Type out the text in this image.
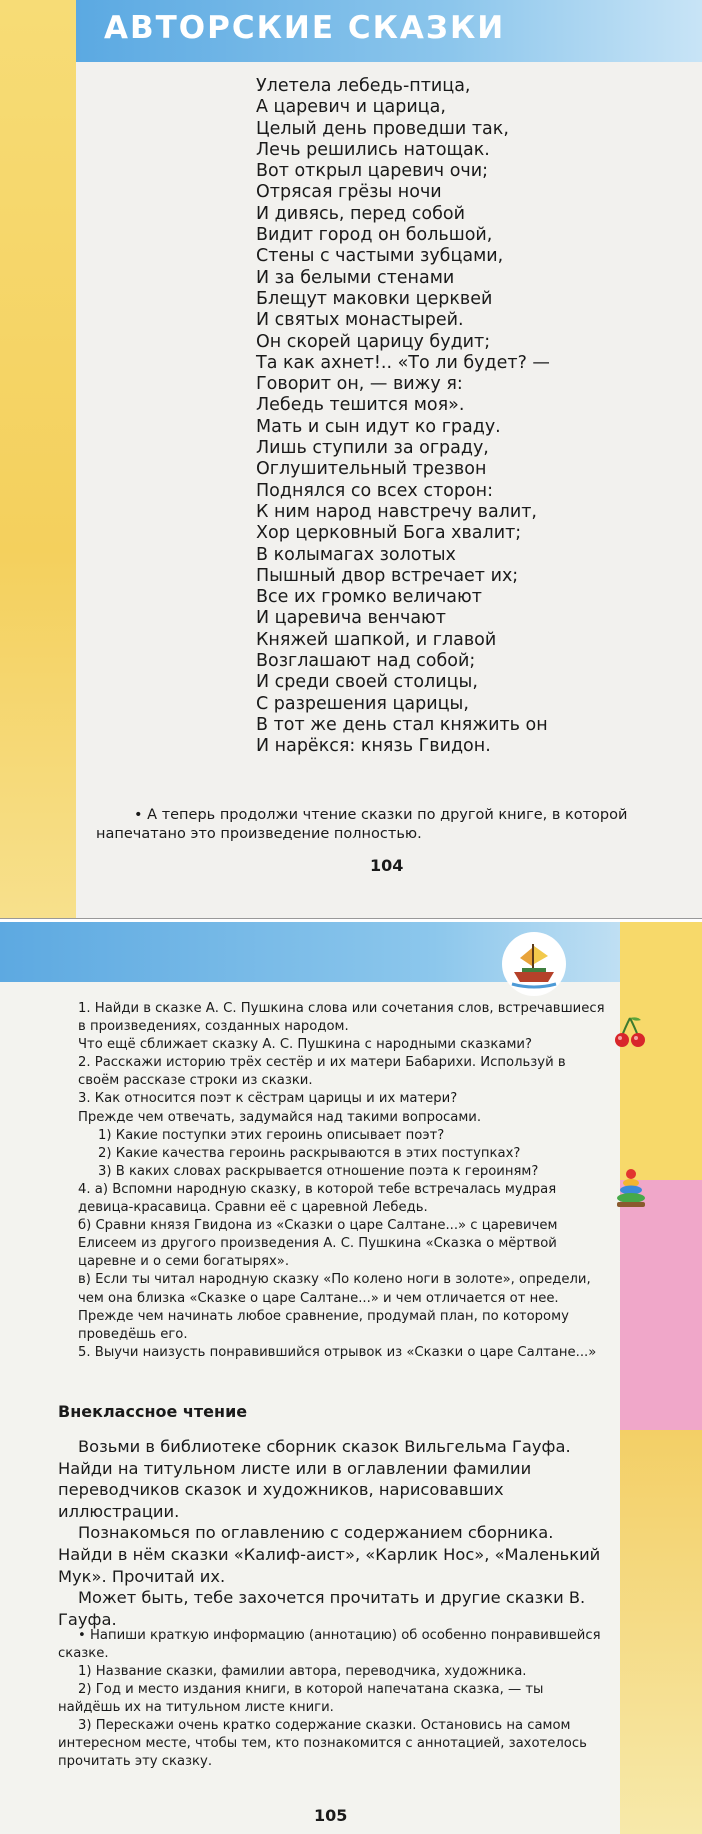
АВТОРСКИЕ СКАЗКИ
Улетела лебедь-птица,
А царевич и царица,
Целый день проведши так,
Лечь решились натощак.
Вот открыл царевич очи;
Отрясая грёзы ночи
И дивясь, перед собой
Видит город он большой,
Стены с частыми зубцами,
И за белыми стенами
Блещут маковки церквей
И святых монастырей.
Он скорей царицу будит;
Та как ахнет!.. «То ли будет? —
Говорит он, — вижу я:
Лебедь тешится моя».
Мать и сын идут ко граду.
Лишь ступили за ограду,
Оглушительный трезвон
Поднялся со всех сторон:
К ним народ навстречу валит,
Хор церковный Бога хвалит;
В колымагах золотых
Пышный двор встречает их;
Все их громко величают
И царевича венчают
Княжей шапкой, и главой
Возглашают над собой;
И среди своей столицы,
С разрешения царицы,
В тот же день стал княжить он
И нарёкся: князь Гвидон.
• А теперь продолжи чтение сказки по другой книге, в которой напечатано это произведение полностью.
104
1. Найди в сказке А. С. Пушкина слова или сочетания слов, встречавшиеся в произведениях, созданных народом.
Что ещё сближает сказку А. С. Пушкина с народными сказками?
2. Расскажи историю трёх сестёр и их матери Бабарихи. Используй в своём рассказе строки из сказки.
3. Как относится поэт к сёстрам царицы и их матери?
Прежде чем отвечать, задумайся над такими вопросами.
1) Какие поступки этих героинь описывает поэт?
2) Какие качества героинь раскрываются в этих поступках?
3) В каких словах раскрывается отношение поэта к героиням?
4. а) Вспомни народную сказку, в которой тебе встречалась мудрая девица-красавица. Сравни её с царевной Лебедь.
б) Сравни князя Гвидона из «Сказки о царе Салтане...» с царевичем Елисеем из другого произведения А. С. Пушкина «Сказка о мёртвой царевне и о семи богатырях».
в) Если ты читал народную сказку «По колено ноги в золоте», определи, чем она близка «Сказке о царе Салтане...» и чем отличается от нее.
Прежде чем начинать любое сравнение, продумай план, по которому проведёшь его.
5. Выучи наизусть понравившийся отрывок из «Сказки о царе Салтане...»
Внеклассное чтение

Возьми в библиотеке сборник сказок Вильгельма Гауфа. Найди на титульном листе или в оглавлении фамилии переводчиков сказок и художников, нарисовавших иллюстрации.

Познакомься по оглавлению с содержанием сборника. Найди в нём сказки «Калиф-аист», «Карлик Нос», «Маленький Мук». Прочитай их.

Может быть, тебе захочется прочитать и другие сказки В. Гауфа.

• Напиши краткую информацию (аннотацию) об особенно понравившейся сказке.

1) Название сказки, фамилии автора, переводчика, художника.

2) Год и место издания книги, в которой напечатана сказка, — ты найдёшь их на титульном листе книги.

3) Перескажи очень кратко содержание сказки. Остановись на самом интересном месте, чтобы тем, кто познакомится с аннотацией, захотелось прочитать эту сказку.

105
